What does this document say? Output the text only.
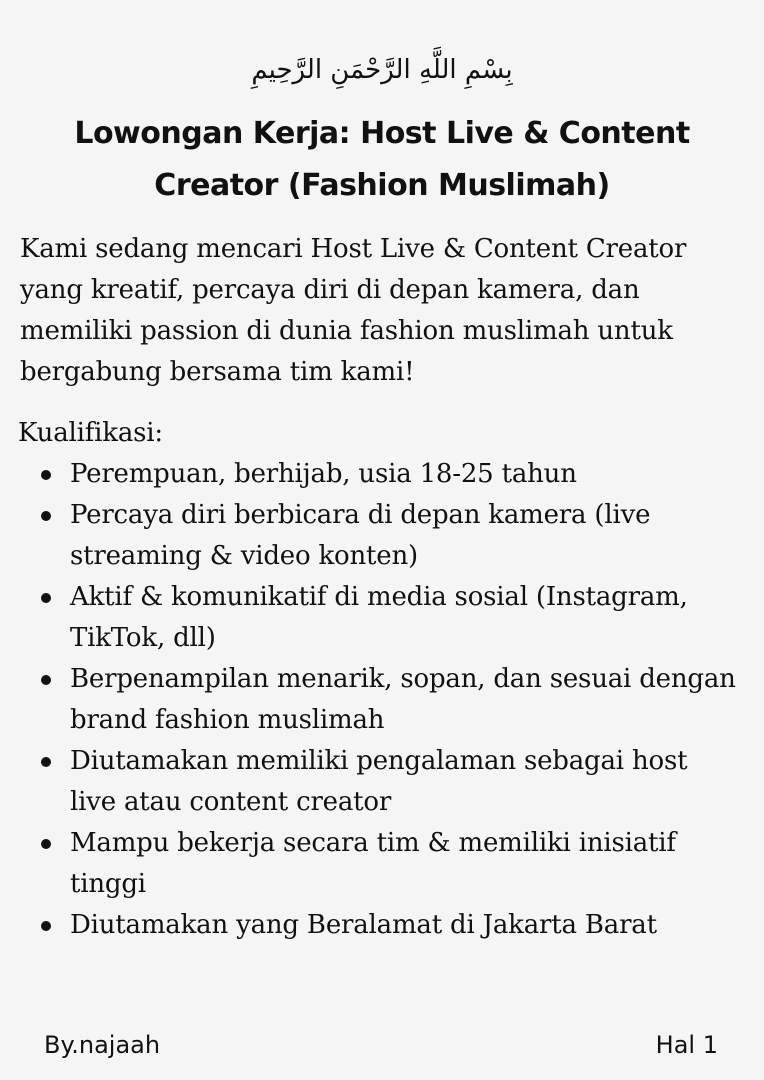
بِسْمِ اللَّهِ الرَّحْمَنِ الرَّحِيمِ
Lowongan Kerja: Host Live & Content Creator (Fashion Muslimah)

Kami sedang mencari Host Live & Content Creator yang kreatif, percaya diri di depan kamera, dan memiliki passion di dunia fashion muslimah untuk bergabung bersama tim kami!

Kualifikasi:

Perempuan, berhijab, usia 18-25 tahun
Percaya diri berbicara di depan kamera (live streaming & video konten)
Aktif & komunikatif di media sosial (Instagram, TikTok, dll)
Berpenampilan menarik, sopan, dan sesuai dengan brand fashion muslimah
Diutamakan memiliki pengalaman sebagai host live atau content creator
Mampu bekerja secara tim & memiliki inisiatif tinggi
Diutamakan yang Beralamat di Jakarta Barat
By.najaah	Hal 1
